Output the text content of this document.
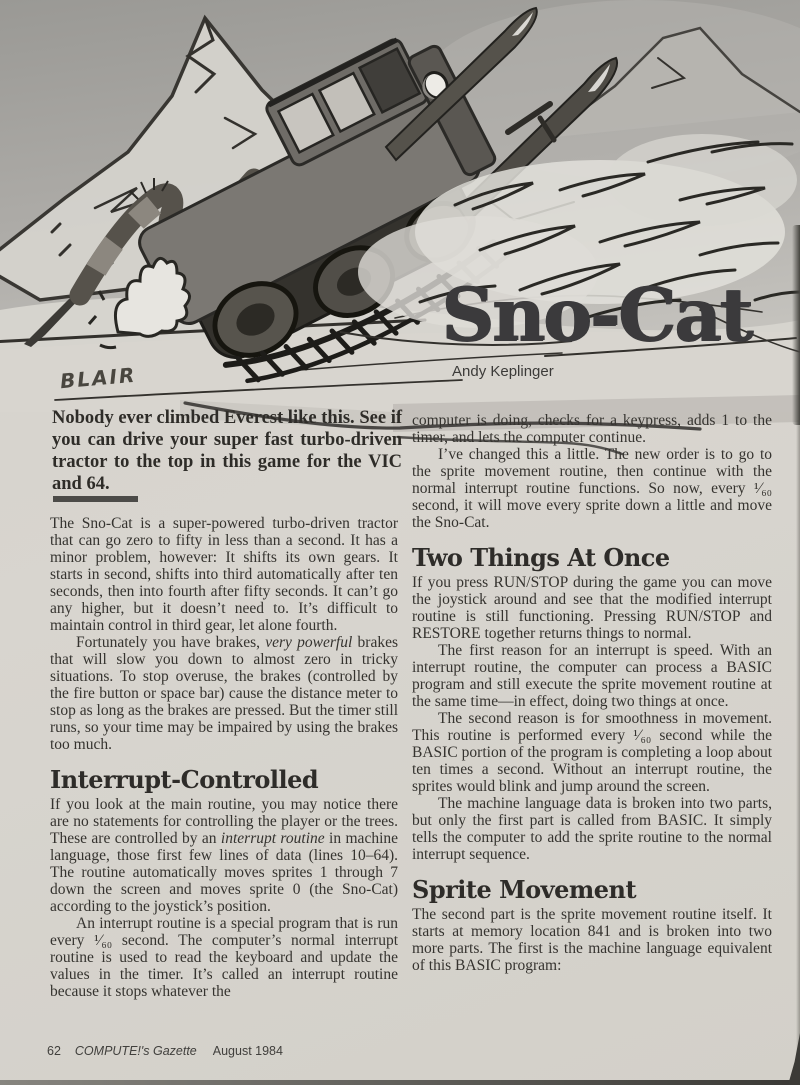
BLAIR
Sno-Cat
Andy Keplinger
Nobody ever climbed Everest like this. See if you can drive your super fast turbo-driven tractor to the top in this game for the VIC and 64.

The Sno-Cat is a super-powered turbo-driven tractor that can go zero to fifty in less than a second. It has a minor problem, however: It shifts its own gears. It starts in second, shifts into third automatically after ten seconds, then into fourth after fifty seconds. It can’t go any higher, but it doesn’t need to. It’s difficult to maintain control in third gear, let alone fourth.

Fortunately you have brakes, very powerful brakes that will slow you down to almost zero in tricky situations. To stop overuse, the brakes (controlled by the fire button or space bar) cause the distance meter to stop as long as the brakes are pressed. But the timer still runs, so your time may be impaired by using the brakes too much.

Interrupt-Controlled

If you look at the main routine, you may notice there are no statements for controlling the player or the trees. These are controlled by an interrupt routine in machine language, those first few lines of data (lines 10–64). The routine automatically moves sprites 1 through 7 down the screen and moves sprite 0 (the Sno-Cat) according to the joystick’s position.

An interrupt routine is a special program that is run every ¹⁄₆₀ second. The computer’s normal interrupt routine is used to read the keyboard and update the values in the timer. It’s called an interrupt routine because it stops whatever the

computer is doing, checks for a keypress, adds 1 to the timer, and lets the computer continue.

I’ve changed this a little. The new order is to go to the sprite movement routine, then continue with the normal interrupt routine functions. So now, every ¹⁄₆₀ second, it will move every sprite down a little and move the Sno-Cat.

Two Things At Once

If you press RUN/STOP during the game you can move the joystick around and see that the modified interrupt routine is still functioning. Pressing RUN/STOP and RESTORE together returns things to normal.

The first reason for an interrupt is speed. With an interrupt routine, the computer can process a BASIC program and still execute the sprite movement routine at the same time—in effect, doing two things at once.

The second reason is for smoothness in movement. This routine is performed every ¹⁄₆₀ second while the BASIC portion of the program is completing a loop about ten times a second. Without an interrupt routine, the sprites would blink and jump around the screen.

The machine language data is broken into two parts, but only the first part is called from BASIC. It simply tells the computer to add the sprite routine to the normal interrupt sequence.

Sprite Movement

The second part is the sprite movement routine itself. It starts at memory location 841 and is broken into two more parts. The first is the machine language equivalent of this BASIC program:

62 COMPUTE!'s Gazette August 1984
